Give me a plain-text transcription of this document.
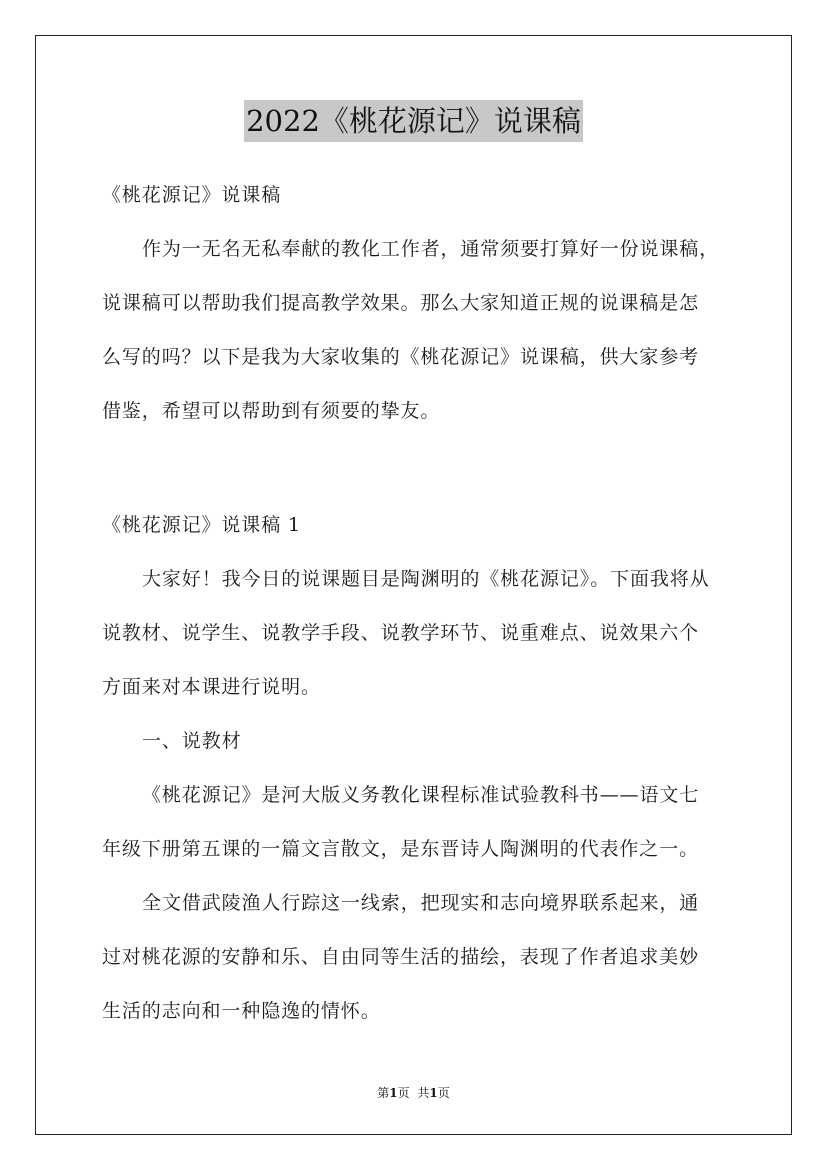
2022《桃花源记》说课稿
《桃花源记》说课稿
作为一无名无私奉献的教化工作者，通常须要打算好一份说课稿，
说课稿可以帮助我们提高教学效果。那么大家知道正规的说课稿是怎
么写的吗？以下是我为大家收集的《桃花源记》说课稿，供大家参考
借鉴，希望可以帮助到有须要的挚友。
《桃花源记》说课稿 1
大家好！我今日的说课题目是陶渊明的《桃花源记》。下面我将从
说教材、说学生、说教学手段、说教学环节、说重难点、说效果六个
方面来对本课进行说明。
一、说教材
《桃花源记》是河大版义务教化课程标准试验教科书——语文七
年级下册第五课的一篇文言散文，是东晋诗人陶渊明的代表作之一。
全文借武陵渔人行踪这一线索，把现实和志向境界联系起来，通
过对桃花源的安静和乐、自由同等生活的描绘，表现了作者追求美妙
生活的志向和一种隐逸的情怀。
第1页 共1页
